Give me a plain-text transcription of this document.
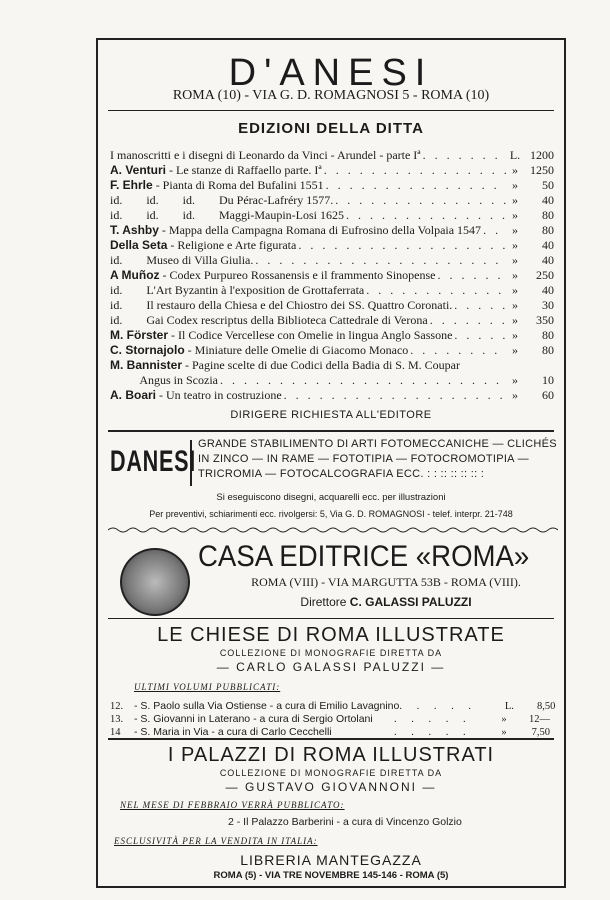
D'ANESI
ROMA (10) - VIA G. D. ROMAGNOSI 5 - ROMA (10)
EDIZIONI DELLA DITTA
I manoscritti e i disegni di Leonardo da Vinci - Arundel - parte Iª . . .	L. 1200
A. Venturi - Le stanze di Raffaello parte. Iª . . .	»	1250
F. Ehrle - Pianta di Roma del Bufalini 1551 . . .	»	50
id.        id.        id.        Du Pérac-Lafréry 1577. . . .	»	40
id.        id.        id.        Maggi-Maupin-Losi 1625 . . .	»	80
T. Ashby - Mappa della Campagna Romana di Eufrosino della Volpaia 1547 . . .	»	80
Della Seta - Religione e Arte figurata . . .	»	40
id.        Museo di Villa Giulia. . . .	»	40
A Muñoz - Codex Purpureo Rossanensis e il frammento Sinopense . . .	»	250
id.        L'Art Byzantin à l'exposition de Grottaferrata . . .	»	40
id.        Il restauro della Chiesa e del Chiostro dei SS. Quattro Coronati. . . .	»	30
id.        Gai Codex rescriptus della Biblioteca Cattedrale di Verona . . .	»	350
M. Förster - Il Codice Vercellese con Omelie in lingua Anglo Sassone . . .	»	80
C. Stornajolo - Miniature delle Omelie di Giacomo Monaco . . .	»	80
M. Bannister - Pagine scelte di due Codici della Badia di S. M. Coupar
Angus in Scozia . . .	»	10
A. Boari - Un teatro in costruzione . . .	»	60
DIRIGERE RICHIESTA ALL'EDITORE
DANESI
GRANDE STABILIMENTO DI ARTI FOTOMECCANICHE — CLICHÉS
IN ZINCO — IN RAME — FOTOTIPIA — FOTOCROMOTIPIA —
TRICROMIA — FOTOCALCOGRAFIA ECC. : : :: :: :: :: :
Si eseguiscono disegni, acquarelli ecc. per illustrazioni
Per preventivi, schiarimenti ecc. rivolgersi: 5, Via G. D. ROMAGNOSI - telef. interpr. 21-748
CASA EDITRICE «ROMA»
ROMA (VIII) - VIA MARGUTTA 53B - ROMA (VIII).
Direttore C. GALASSI PALUZZI
LE CHIESE DI ROMA ILLUSTRATE
COLLEZIONE DI MONOGRAFIE DIRETTA DA
— CARLO GALASSI PALUZZI —
ULTIMI VOLUMI PUBBLICATI:
12.	- S. Paolo sulla Via Ostiense - a cura di Emilio Lavagnino . . . . .	L.	8,50
13.	- S. Giovanni in Laterano - a cura di Sergio Ortolani	. . . . .	»	12—
14	- S. Maria in Via - a cura di Carlo Cecchelli	. . . . .	»	7,50
I PALAZZI DI ROMA ILLUSTRATI
COLLEZIONE DI MONOGRAFIE DIRETTA DA
— GUSTAVO GIOVANNONI —
NEL MESE DI FEBBRAIO VERRÀ PUBBLICATO:
2 - Il Palazzo Barberini - a cura di Vincenzo Golzio
ESCLUSIVITÀ PER LA VENDITA IN ITALIA:
LIBRERIA MANTEGAZZA
ROMA (5) - VIA TRE NOVEMBRE 145-146 - ROMA (5)
